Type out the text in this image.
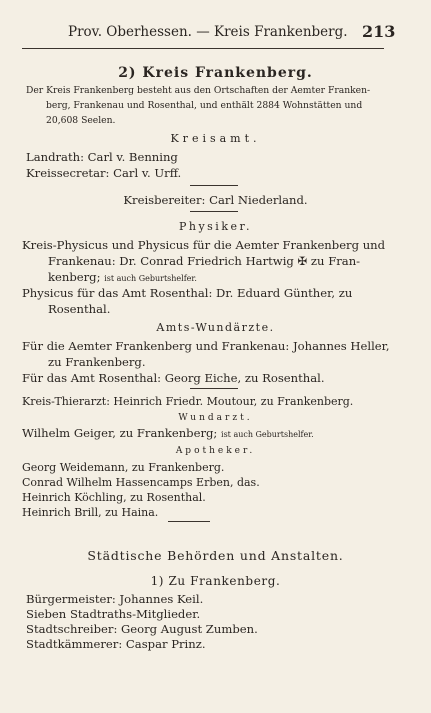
Prov. Oberhessen. — Kreis Frankenberg. 213
2) Kreis Frankenberg.
Der Kreis Frankenberg besteht aus den Ortschaften der Aemter Franken-
berg, Frankenau und Rosenthal, und enthält 2884 Wohnstätten und
20,608 Seelen.
Kreisamt.
Landrath: Carl v. Benning
Kreissecretar: Carl v. Urff.
Kreisbereiter: Carl Niederland.
Physiker.
Kreis-Physicus und Physicus für die Aemter Frankenberg und
Frankenau: Dr. Conrad Friedrich Hartwig ✠ zu Fran-
kenberg; ist auch Geburtshelfer.
Physicus für das Amt Rosenthal: Dr. Eduard Günther, zu
Rosenthal.
Amts-Wundärzte.
Für die Aemter Frankenberg und Frankenau: Johannes Heller,
zu Frankenberg.
Für das Amt Rosenthal: Georg Eiche, zu Rosenthal.
Kreis-Thierarzt: Heinrich Friedr. Moutour, zu Frankenberg.
Wundarzt.
Wilhelm Geiger, zu Frankenberg; ist auch Geburtshelfer.
Apotheker.
Georg Weidemann, zu Frankenberg.
Conrad Wilhelm Hassencamps Erben, das.
Heinrich Köchling, zu Rosenthal.
Heinrich Brill, zu Haina.
Städtische Behörden und Anstalten.
1) Zu Frankenberg.
Bürgermeister: Johannes Keil.
Sieben Stadtraths-Mitglieder.
Stadtschreiber: Georg August Zumben.
Stadtkämmerer: Caspar Prinz.
